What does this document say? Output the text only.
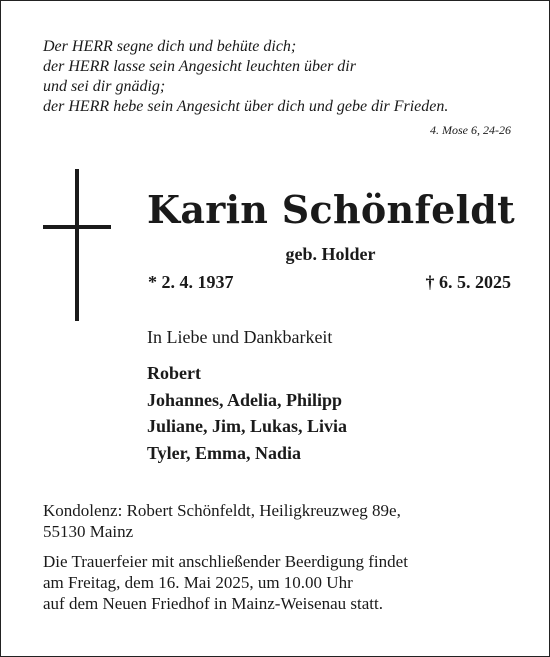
Der HERR segne dich und behüte dich;
der HERR lasse sein Angesicht leuchten über dir
und sei dir gnädig;
der HERR hebe sein Angesicht über dich und gebe dir Frieden.
4. Mose 6, 24-26
Karin Schönfeldt
geb. Holder
* 2. 4. 1937	† 6. 5. 2025
In Liebe und Dankbarkeit
Robert
Johannes, Adelia, Philipp
Juliane, Jim, Lukas, Livia
Tyler, Emma, Nadia
Kondolenz: Robert Schönfeldt, Heiligkreuzweg 89e,
55130 Mainz
Die Trauerfeier mit anschließender Beerdigung findet
am Freitag, dem 16. Mai 2025, um 10.00 Uhr
auf dem Neuen Friedhof in Mainz-Weisenau statt.
